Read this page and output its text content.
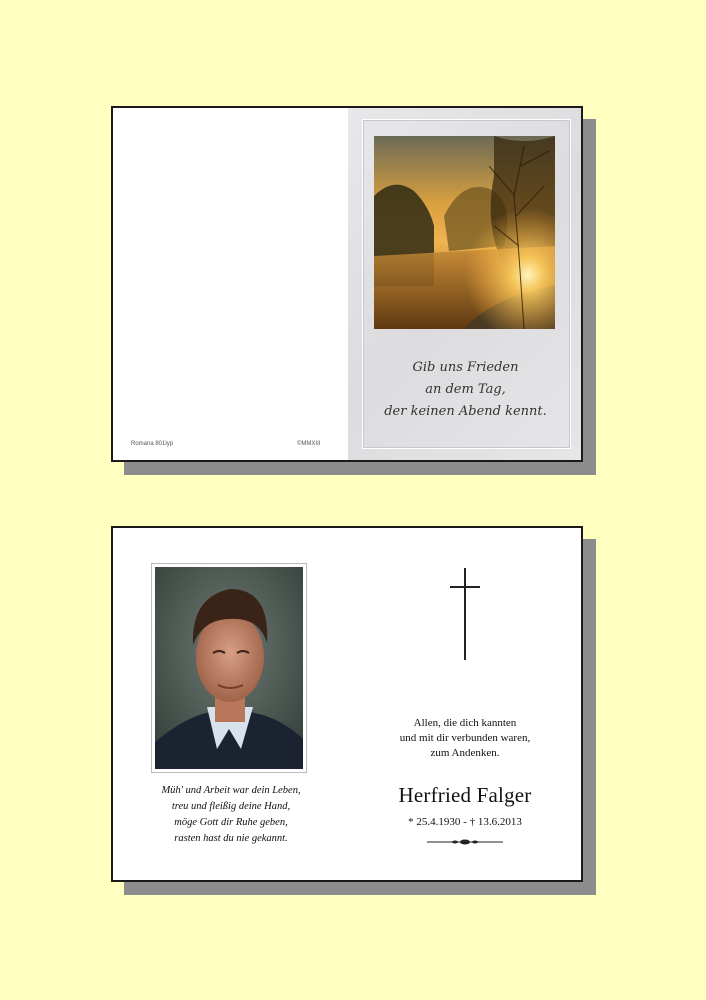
Romana 801lyp	©MMXIII
Gib uns Frieden
an dem Tag,
der keinen Abend kennt.
Müh' und Arbeit war dein Leben,
treu und fleißig deine Hand,
möge Gott dir Ruhe geben,
rasten hast du nie gekannt.
Allen, die dich kannten
und mit dir verbunden waren,
zum Andenken.
Herfried Falger
* 25.4.1930 - † 13.6.2013
